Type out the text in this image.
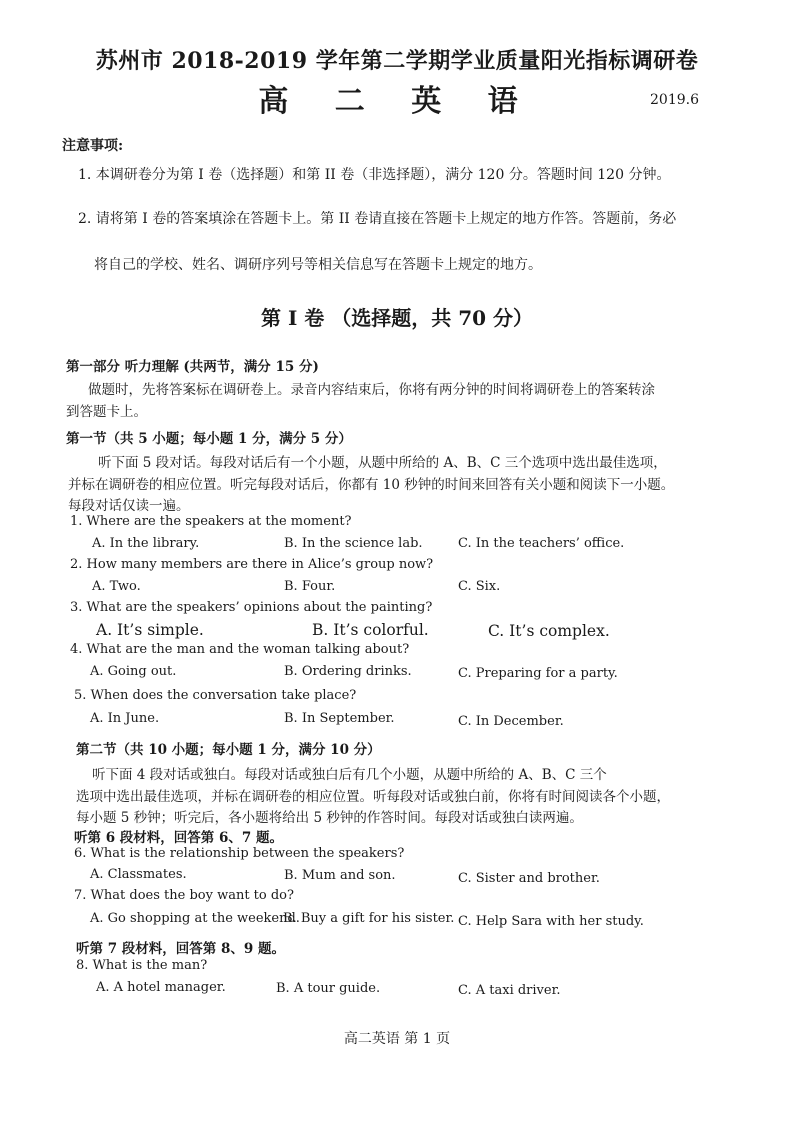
苏州市 2018-2019 学年第二学期学业质量阳光指标调研卷
高 二 英 语	2019.6
注意事项:
1. 本调研卷分为第 I 卷（选择题）和第 II 卷（非选择题），满分 120 分。答题时间 120 分钟。
2. 请将第 I 卷的答案填涂在答题卡上。第 II 卷请直接在答题卡上规定的地方作答。答题前，务必
将自己的学校、姓名、调研序列号等相关信息写在答题卡上规定的地方。
第 I 卷 （选择题，共 70 分）
第一部分 听力理解 (共两节，满分 15 分)
做题时，先将答案标在调研卷上。录音内容结束后，你将有两分钟的时间将调研卷上的答案转涂
到答题卡上。
第一节（共 5 小题；每小题 1 分，满分 5 分）
听下面 5 段对话。每段对话后有一个小题，从题中所给的 A、B、C 三个选项中选出最佳选项，
并标在调研卷的相应位置。听完每段对话后，你都有 10 秒钟的时间来回答有关小题和阅读下一小题。
每段对话仅读一遍。
1. Where are the speakers at the moment?
A. In the library.	B. In the science lab.	C. In the teachers’ office.
2. How many members are there in Alice’s group now?
A. Two.	B. Four.	C. Six.
3. What are the speakers’ opinions about the painting?
A. It’s simple.	B. It’s colorful.	C. It’s complex.
4. What are the man and the woman talking about?
A. Going out.	B. Ordering drinks.	C. Preparing for a party.
5. When does the conversation take place?
A. In June.	B. In September.	C. In December.
第二节（共 10 小题；每小题 1 分，满分 10 分）
听下面 4 段对话或独白。每段对话或独白后有几个小题，从题中所给的 A、B、C 三个
选项中选出最佳选项，并标在调研卷的相应位置。听每段对话或独白前，你将有时间阅读各个小题，
每小题 5 秒钟；听完后，各小题将给出 5 秒钟的作答时间。每段对话或独白读两遍。
听第 6 段材料，回答第 6、7 题。
6. What is the relationship between the speakers?
A. Classmates.	B. Mum and son.	C. Sister and brother.
7. What does the boy want to do?
A. Go shopping at the weekend.
B. Buy a gift for his sister. C. Help Sara with her study.
听第 7 段材料，回答第 8、9 题。
8. What is the man?
A. A hotel manager.	B. A tour guide.	C. A taxi driver.
高二英语 第 1 页
